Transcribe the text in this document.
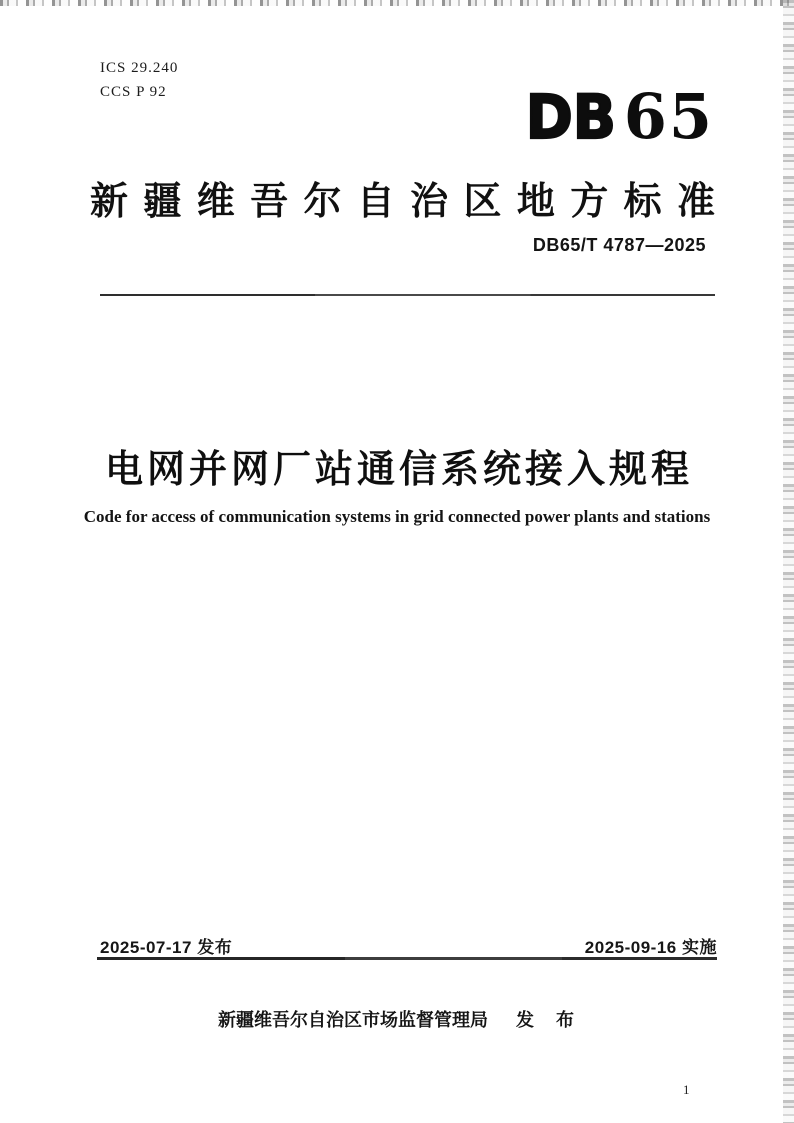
ICS 29.240
CCS P 92	DB 65
新 疆 维 吾 尔 自 治 区 地 方 标 准
DB65/T 4787—2025
电网并网厂站通信系统接入规程
Code for access of communication systems in grid connected power plants and stations
2025-07-17 发布	2025-09-16 实施
新疆维吾尔自治区市场监督管理局 发　布
1
